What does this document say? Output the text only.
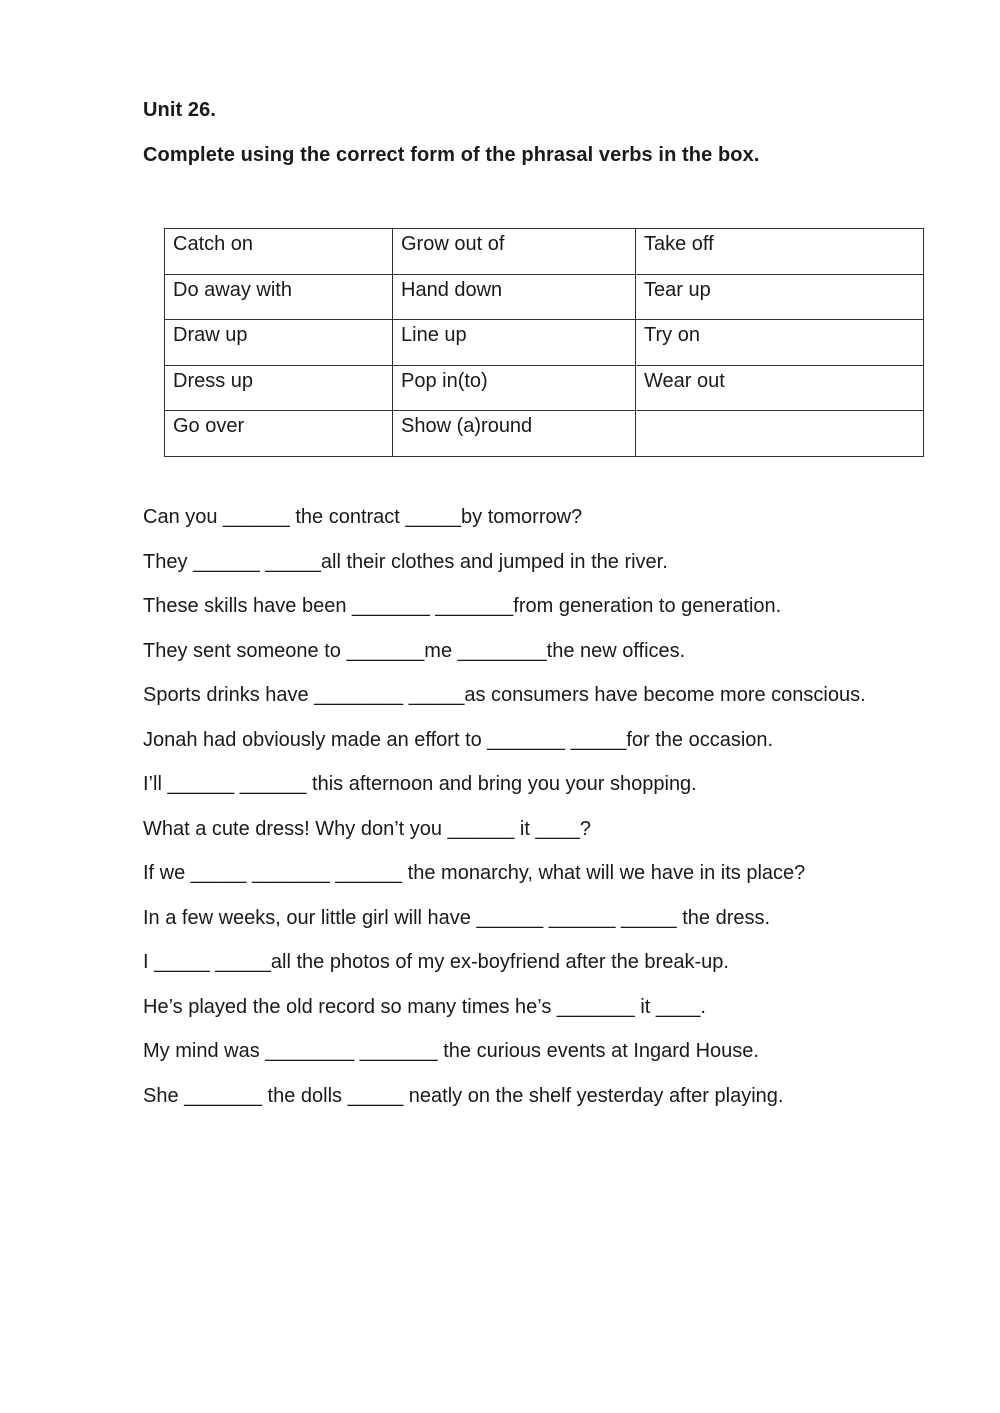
Unit 26.
Complete using the correct form of the phrasal verbs in the box.
Catch on	Grow out of	Take off
Do away with	Hand down	Tear up
Draw up	Line up	Try on
Dress up	Pop in(to)	Wear out
Go over	Show (a)round	
Can you ______ the contract _____by tomorrow?
They ______ _____all their clothes and jumped in the river.
These skills have been _______ _______from generation to generation.
They sent someone to _______me ________the new offices.
Sports drinks have ________ _____as consumers have become more conscious.
Jonah had obviously made an effort to _______ _____for the occasion.
I’ll ______ ______ this afternoon and bring you your shopping.
What a cute dress! Why don’t you ______ it ____?
If we _____ _______ ______ the monarchy, what will we have in its place?
In a few weeks, our little girl will have ______ ______ _____ the dress.
I _____ _____all the photos of my ex-boyfriend after the break-up.
He’s played the old record so many times he’s _______ it ____.
My mind was ________ _______ the curious events at Ingard House.
She _______ the dolls _____ neatly on the shelf yesterday after playing.
